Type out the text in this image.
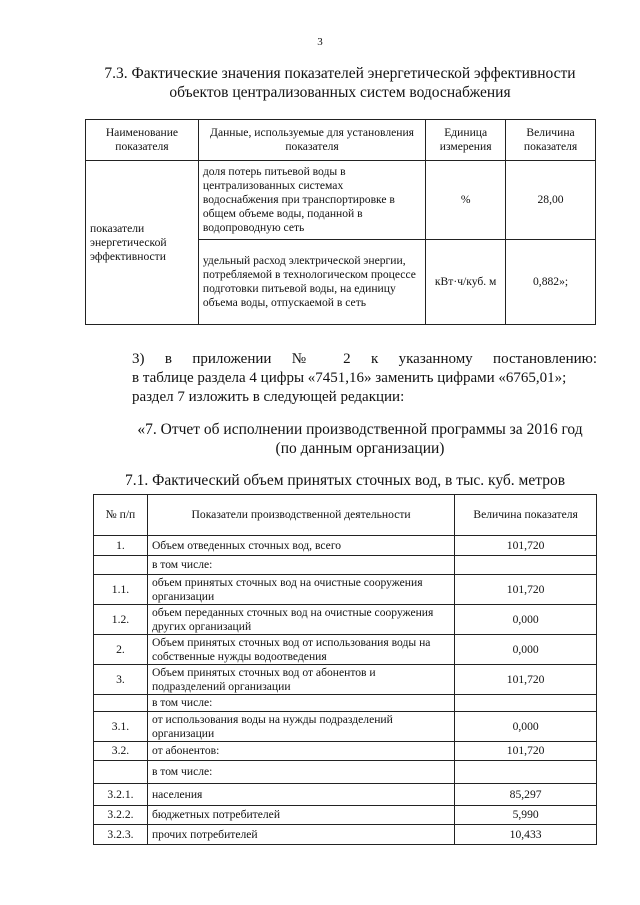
3
7.3. Фактические значения показателей энергетической эффективности
объектов централизованных систем водоснабжения
Наименование показателя	Данные, используемые для установления показателя	Единица измерения	Величина показателя
показатели энергетической эффективности	доля потерь питьевой воды в централизованных системах водоснабжения при транспортировке в общем объеме воды, поданной в водопроводную сеть	%	28,00
	удельный расход электрической энергии, потребляемой в технологическом процессе подготовки питьевой воды, на единицу объема воды, отпускаемой в сеть	кВт·ч/куб. м	0,882»;
3) в приложении № 2 к указанному постановлению:
в таблице раздела 4 цифры «7451,16» заменить цифрами «6765,01»;
раздел 7 изложить в следующей редакции:
«7. Отчет об исполнении производственной программы за 2016 год
(по данным организации)
7.1. Фактический объем принятых сточных вод, в тыс. куб. метров
№ п/п	Показатели производственной деятельности	Величина показателя
1.	Объем отведенных сточных вод, всего	101,720
	в том числе:	
1.1.	объем принятых сточных вод на очистные сооружения организации	101,720
1.2.	объем переданных сточных вод на очистные сооружения других организаций	0,000
2.	Объем принятых сточных вод от использования воды на собственные нужды водоотведения	0,000
3.	Объем принятых сточных вод от абонентов и подразделений организации	101,720
	в том числе:	
3.1.	от использования воды на нужды подразделений организации	0,000
3.2.	от абонентов:	101,720
	в том числе:	
3.2.1.	населения	85,297
3.2.2.	бюджетных потребителей	5,990
3.2.3.	прочих потребителей	10,433
